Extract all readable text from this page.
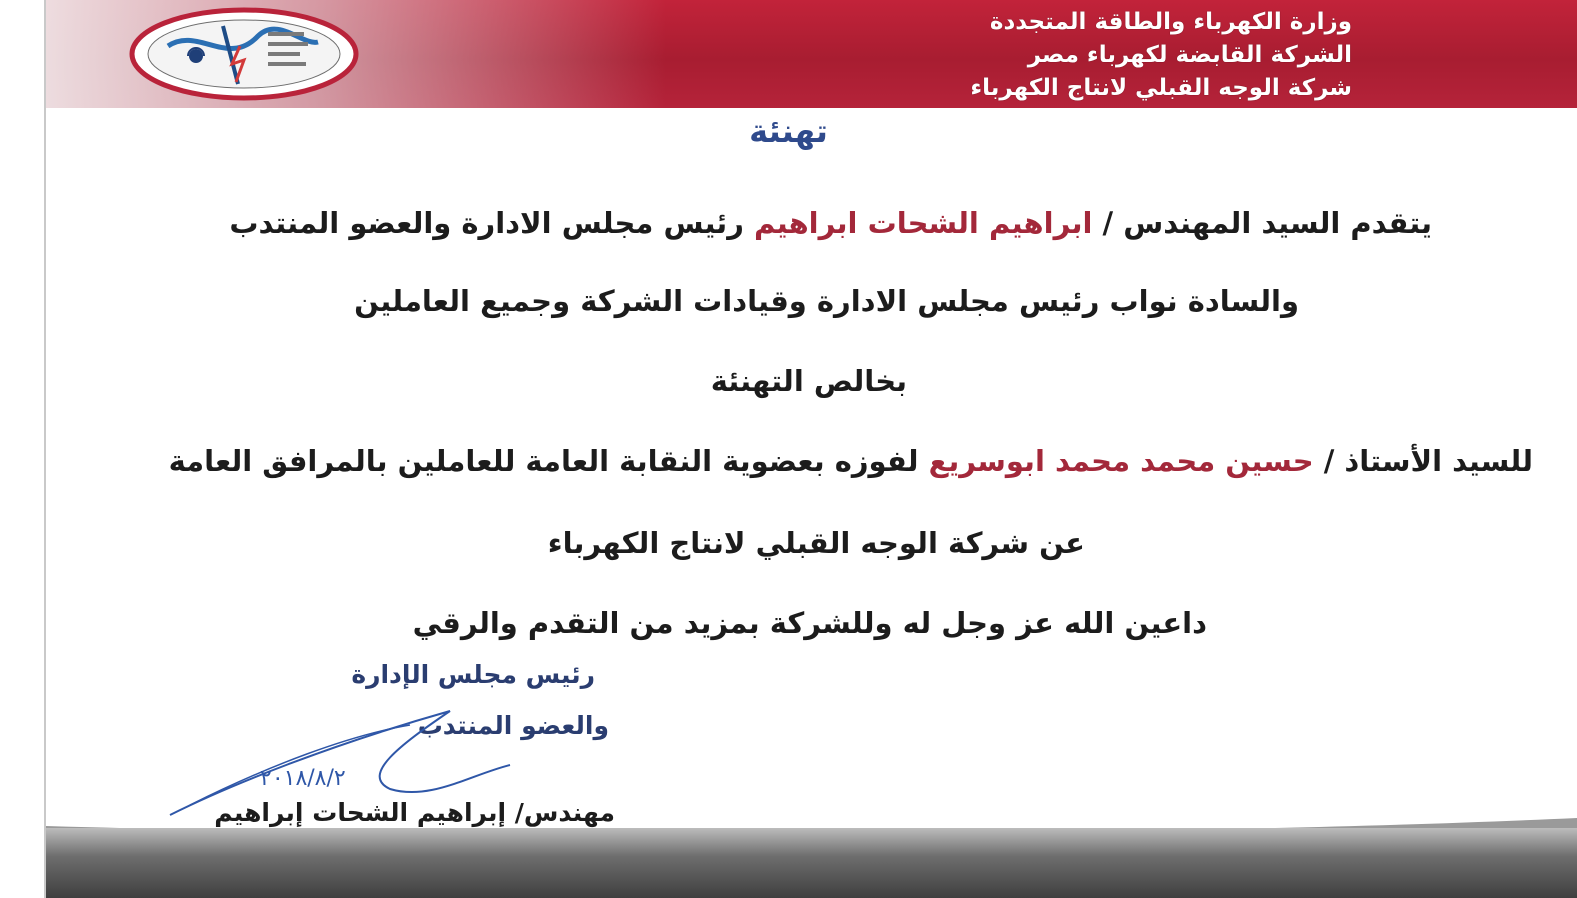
وزارة الكهرباء والطاقة المتجددة
الشركة القابضة لكهرباء مصر
شركة الوجه القبلي لانتاج الكهرباء
تهنئة
يتقدم السيد المهندس / ابراهيم الشحات ابراهيم رئيس مجلس الادارة والعضو المنتدب
والسادة نواب رئيس مجلس الادارة وقيادات الشركة وجميع العاملين
بخالص التهنئة
للسيد الأستاذ / حسين محمد محمد ابوسريع لفوزه بعضوية النقابة العامة للعاملين بالمرافق العامة
عن شركة الوجه القبلي لانتاج الكهرباء
داعين الله عز وجل له وللشركة بمزيد من التقدم والرقي
رئيس مجلس الإدارة
والعضو المنتدب
مهندس/ إبراهيم الشحات إبراهيم
٢٠١٨/٨/٢
